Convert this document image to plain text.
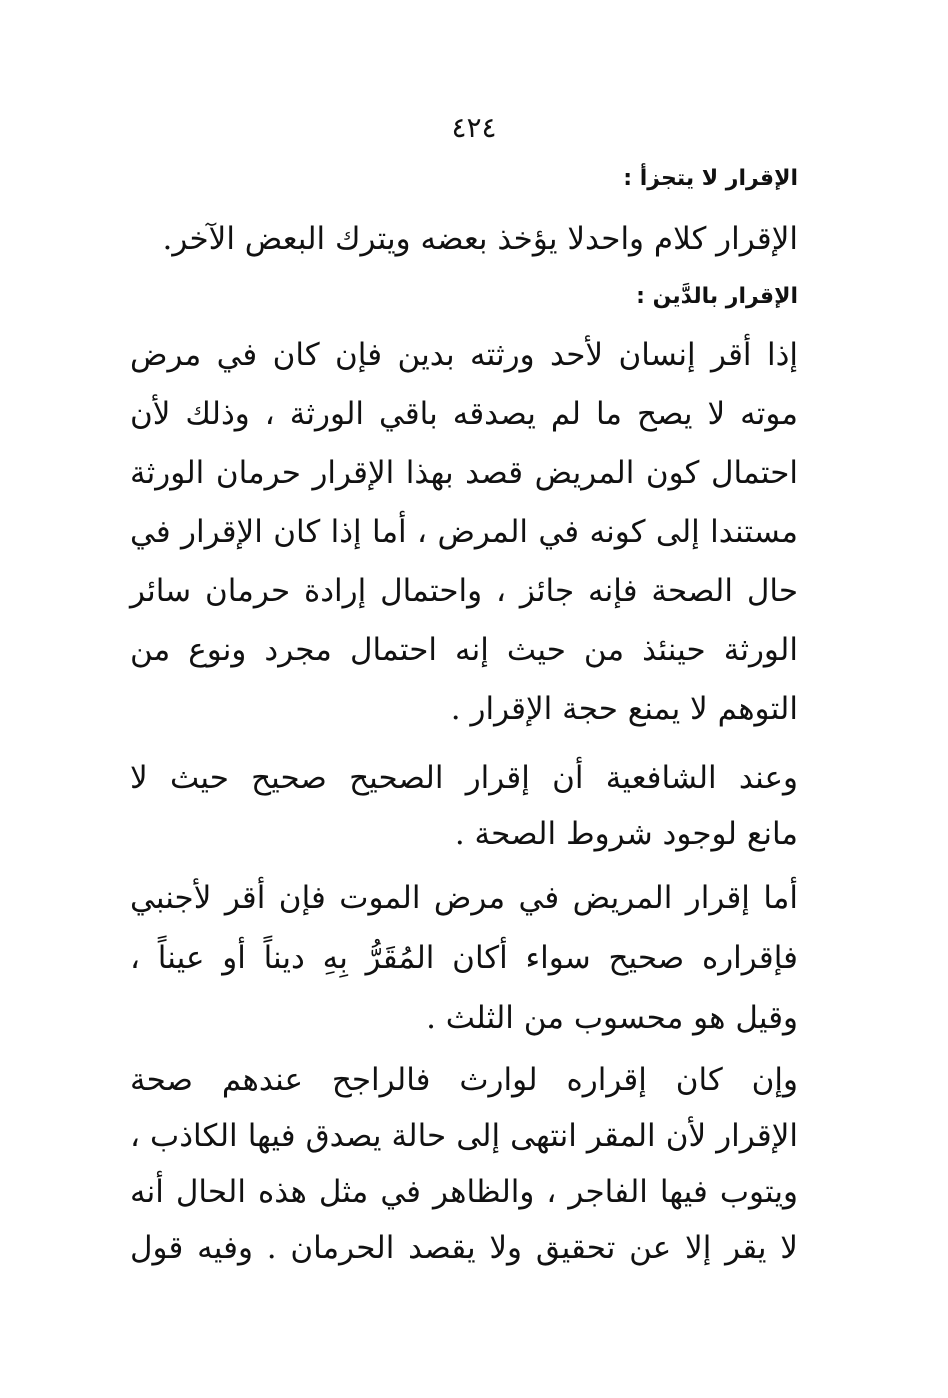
٤٢٤
الإقرار لا يتجزأ :
الإقرار كلام واحدلا يؤخذ بعضه ويترك البعض الآخر.
الإقرار بالدَّين :
إذا أقر إنسان لأحد ورثته بدين فإن كان في مرض
موته لا يصح ما لم يصدقه باقي الورثة ، وذلك لأن
احتمال كون المريض قصد بهذا الإقرار حرمان الورثة
مستندا إلى كونه في المرض ، أما إذا كان الإقرار في
حال الصحة فإنه جائز ، واحتمال إرادة حرمان سائر
الورثة حينئذ من حيث إنه احتمال مجرد ونوع من
التوهم لا يمنع حجة الإقرار .
وعند الشافعية أن إقرار الصحيح صحيح حيث لا
مانع لوجود شروط الصحة .
أما إقرار المريض في مرض الموت فإن أقر لأجنبي
فإقراره صحيح سواء أكان المُقَرُّ بِهِ ديناً أو عيناً ،
وقيل هو محسوب من الثلث .
وإن كان إقراره لوارث فالراجح عندهم صحة
الإقرار لأن المقر انتهى إلى حالة يصدق فيها الكاذب ،
ويتوب فيها الفاجر ، والظاهر في مثل هذه الحال أنه
لا يقر إلا عن تحقيق ولا يقصد الحرمان . وفيه قول
